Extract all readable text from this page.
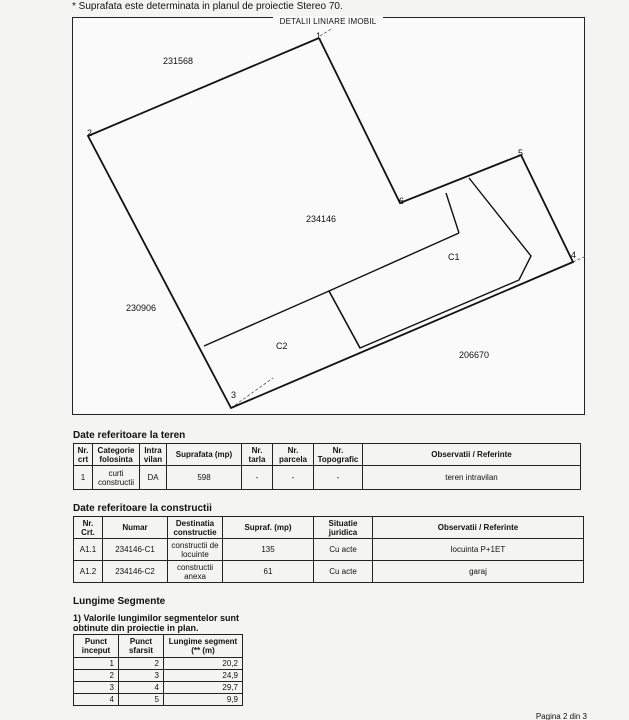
* Suprafata este determinata in planul de proiectie Stereo 70.
DETALII LINIARE IMOBIL
231568
234146
230906
206670
C1
C2
1
2
3
4
5
6
Date referitoare la teren
Nr. crt	Categorie folosinta	Intra vilan	Suprafata (mp)	Nr. tarla	Nr. parcela	Nr. Topografic	Observatii / Referinte
1	curti constructii	DA	598	-	-	-	teren intravilan
Date referitoare la constructii
Nr. Crt.	Numar	Destinatia constructie	Supraf. (mp)	Situatie juridica	Observatii / Referinte
A1.1	234146-C1	constructii de locuinte	135	Cu acte	locuinta P+1ET
A1.2	234146-C2	constructii anexa	61	Cu acte	garaj
Lungime Segmente
1) Valorile lungimilor segmentelor sunt obtinute din proiectie in plan.
Punct inceput	Punct sfarsit	Lungime segment (** (m)
1	2	20,2
2	3	24,9
3	4	29,7
4	5	9,9
Pagina 2 din 3
